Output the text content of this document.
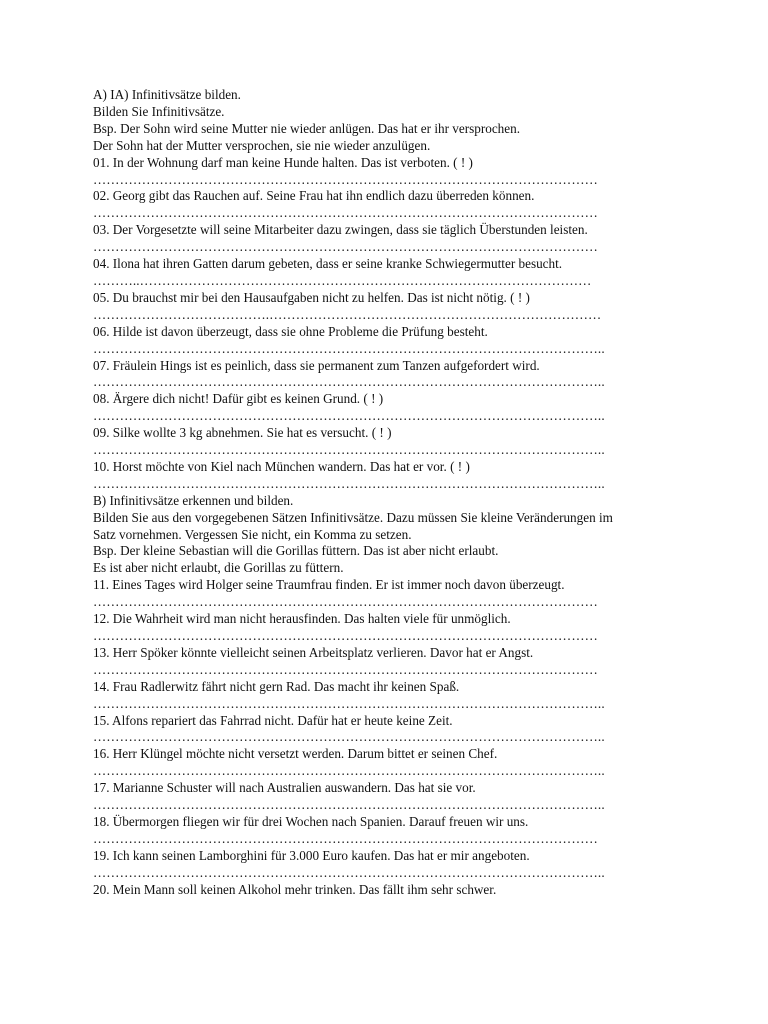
A) IA) Infinitivsätze bilden.
Bilden Sie Infinitivsätze.
Bsp. Der Sohn wird seine Mutter nie wieder anlügen. Das hat er ihr versprochen.
Der Sohn hat der Mutter versprochen, sie nie wieder anzulügen.
01. In der Wohnung darf man keine Hunde halten. Das ist verboten. ( ! )
……………………………………………………………………………………………………
02. Georg gibt das Rauchen auf. Seine Frau hat ihn endlich dazu überreden können.
……………………………………………………………………………………………………
03. Der Vorgesetzte will seine Mitarbeiter dazu zwingen, dass sie täglich Überstunden leisten.
……………………………………………………………………………………………………
04. Ilona hat ihren Gatten darum gebeten, dass er seine kranke Schwiegermutter besucht.
………..…………………………………………………………………………………………
05. Du brauchst mir bei den Hausaufgaben nicht zu helfen. Das ist nicht nötig. ( ! )
………………………………….…………………………………………………………………
06. Hilde ist davon überzeugt, dass sie ohne Probleme die Prüfung besteht.
……………………………………………………………………………………………………..
07. Fräulein Hings ist es peinlich, dass sie permanent zum Tanzen aufgefordert wird.
……………………………………………………………………………………………………..
08. Ärgere dich nicht! Dafür gibt es keinen Grund. ( ! )
……………………………………………………………………………………………………..
09. Silke wollte 3 kg abnehmen. Sie hat es versucht. ( ! )
……………………………………………………………………………………………………..
10. Horst möchte von Kiel nach München wandern. Das hat er vor. ( ! )
……………………………………………………………………………………………………..
B) Infinitivsätze erkennen und bilden.
Bilden Sie aus den vorgegebenen Sätzen Infinitivsätze. Dazu müssen Sie kleine Veränderungen im
Satz vornehmen. Vergessen Sie nicht, ein Komma zu setzen.
Bsp. Der kleine Sebastian will die Gorillas füttern. Das ist aber nicht erlaubt.
Es ist aber nicht erlaubt, die Gorillas zu füttern.
11. Eines Tages wird Holger seine Traumfrau finden. Er ist immer noch davon überzeugt.
……………………………………………………………………………………………………
12. Die Wahrheit wird man nicht herausfinden. Das halten viele für unmöglich.
……………………………………………………………………………………………………
13. Herr Spöker könnte vielleicht seinen Arbeitsplatz verlieren. Davor hat er Angst.
……………………………………………………………………………………………………
14. Frau Radlerwitz fährt nicht gern Rad. Das macht ihr keinen Spaß.
……………………………………………………………………………………………………..
15. Alfons repariert das Fahrrad nicht. Dafür hat er heute keine Zeit.
……………………………………………………………………………………………………..
16. Herr Klüngel möchte nicht versetzt werden. Darum bittet er seinen Chef.
……………………………………………………………………………………………………..
17. Marianne Schuster will nach Australien auswandern. Das hat sie vor.
……………………………………………………………………………………………………..
18. Übermorgen fliegen wir für drei Wochen nach Spanien. Darauf freuen wir uns.
……………………………………………………………………………………………………
19. Ich kann seinen Lamborghini für 3.000 Euro kaufen. Das hat er mir angeboten.
……………………………………………………………………………………………………..
20. Mein Mann soll keinen Alkohol mehr trinken. Das fällt ihm sehr schwer.
